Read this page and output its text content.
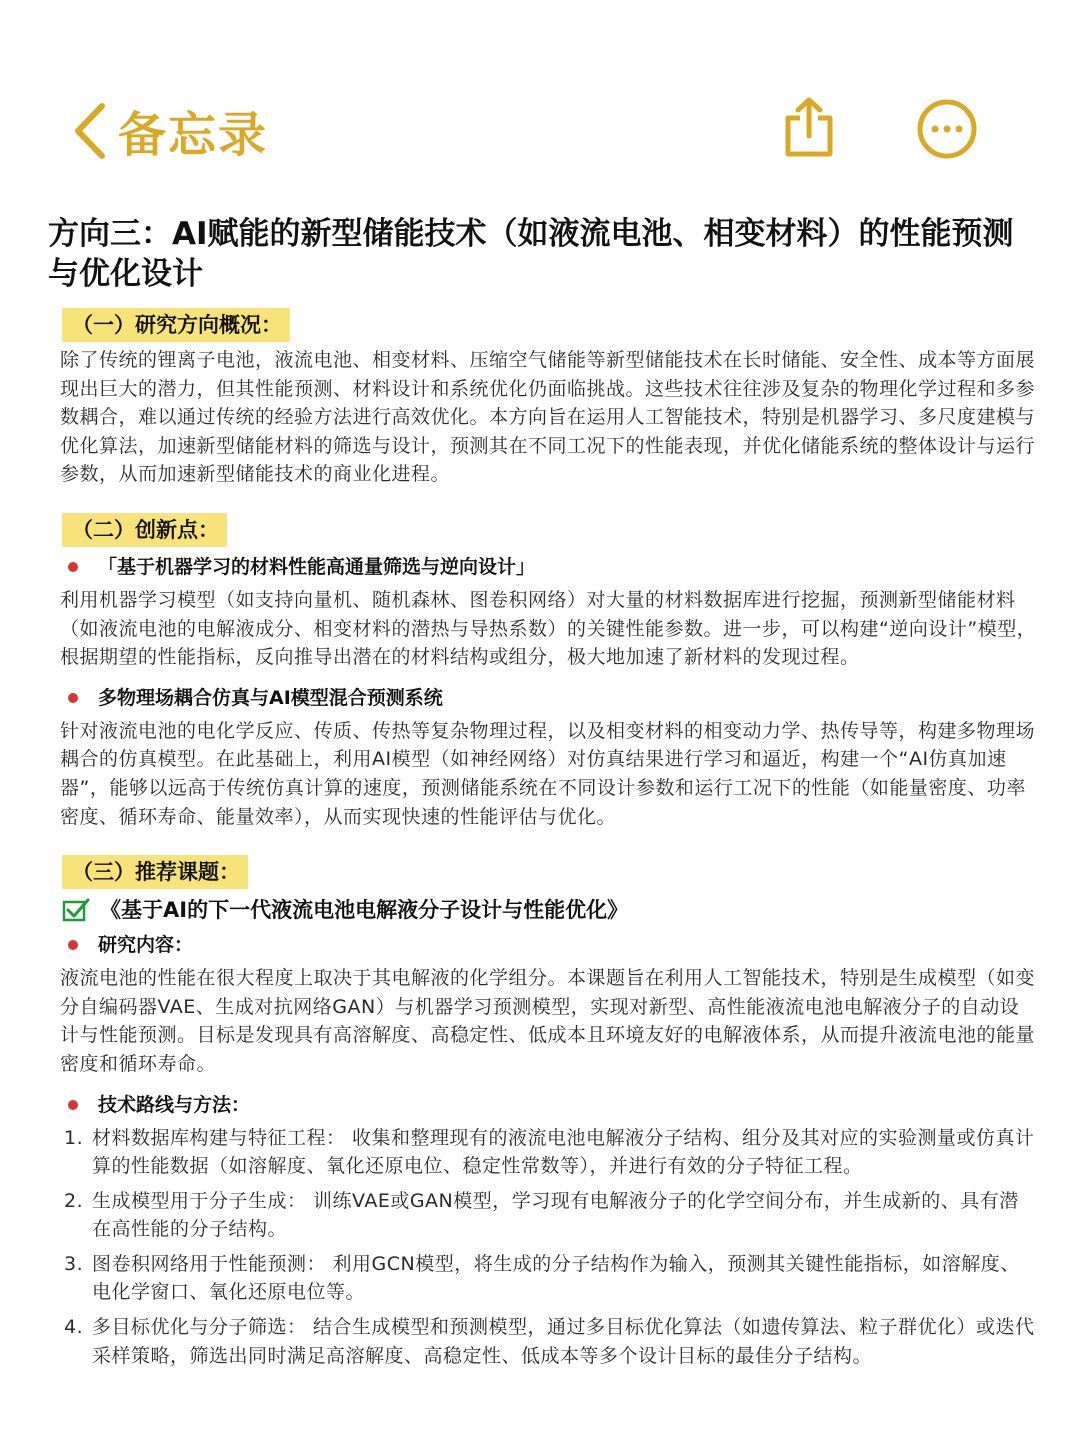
备忘录
方向三：AI赋能的新型储能技术（如液流电池、相变材料）的性能预测与优化设计
（一）研究方向概况：

除了传统的锂离子电池，液流电池、相变材料、压缩空气储能等新型储能技术在长时储能、安全性、成本等方面展现出巨大的潜力，但其性能预测、材料设计和系统优化仍面临挑战。这些技术往往涉及复杂的物理化学过程和多参数耦合，难以通过传统的经验方法进行高效优化。本方向旨在运用人工智能技术，特别是机器学习、多尺度建模与优化算法，加速新型储能材料的筛选与设计，预测其在不同工况下的性能表现，并优化储能系统的整体设计与运行参数，从而加速新型储能技术的商业化进程。

（二）创新点：
「基于机器学习的材料性能高通量筛选与逆向设计」

利用机器学习模型（如支持向量机、随机森林、图卷积网络）对大量的材料数据库进行挖掘，预测新型储能材料（如液流电池的电解液成分、相变材料的潜热与导热系数）的关键性能参数。进一步，可以构建“逆向设计”模型，根据期望的性能指标，反向推导出潜在的材料结构或组分，极大地加速了新材料的发现过程。

多物理场耦合仿真与AI模型混合预测系统

针对液流电池的电化学反应、传质、传热等复杂物理过程，以及相变材料的相变动力学、热传导等，构建多物理场耦合的仿真模型。在此基础上，利用AI模型（如神经网络）对仿真结果进行学习和逼近，构建一个“AI仿真加速器”，能够以远高于传统仿真计算的速度，预测储能系统在不同设计参数和运行工况下的性能（如能量密度、功率密度、循环寿命、能量效率），从而实现快速的性能评估与优化。

（三）推荐课题：
《基于AI的下一代液流电池电解液分子设计与性能优化》
研究内容：

液流电池的性能在很大程度上取决于其电解液的化学组分。本课题旨在利用人工智能技术，特别是生成模型（如变分自编码器VAE、生成对抗网络GAN）与机器学习预测模型，实现对新型、高性能液流电池电解液分子的自动设计与性能预测。目标是发现具有高溶解度、高稳定性、低成本且环境友好的电解液体系，从而提升液流电池的能量密度和循环寿命。

技术路线与方法：
1. 材料数据库构建与特征工程： 收集和整理现有的液流电池电解液分子结构、组分及其对应的实验测量或仿真计算的性能数据（如溶解度、氧化还原电位、稳定性常数等），并进行有效的分子特征工程。
2. 生成模型用于分子生成： 训练VAE或GAN模型，学习现有电解液分子的化学空间分布，并生成新的、具有潜在高性能的分子结构。
3. 图卷积网络用于性能预测： 利用GCN模型，将生成的分子结构作为输入，预测其关键性能指标，如溶解度、电化学窗口、氧化还原电位等。
4. 多目标优化与分子筛选： 结合生成模型和预测模型，通过多目标优化算法（如遗传算法、粒子群优化）或迭代采样策略，筛选出同时满足高溶解度、高稳定性、低成本等多个设计目标的最佳分子结构。
